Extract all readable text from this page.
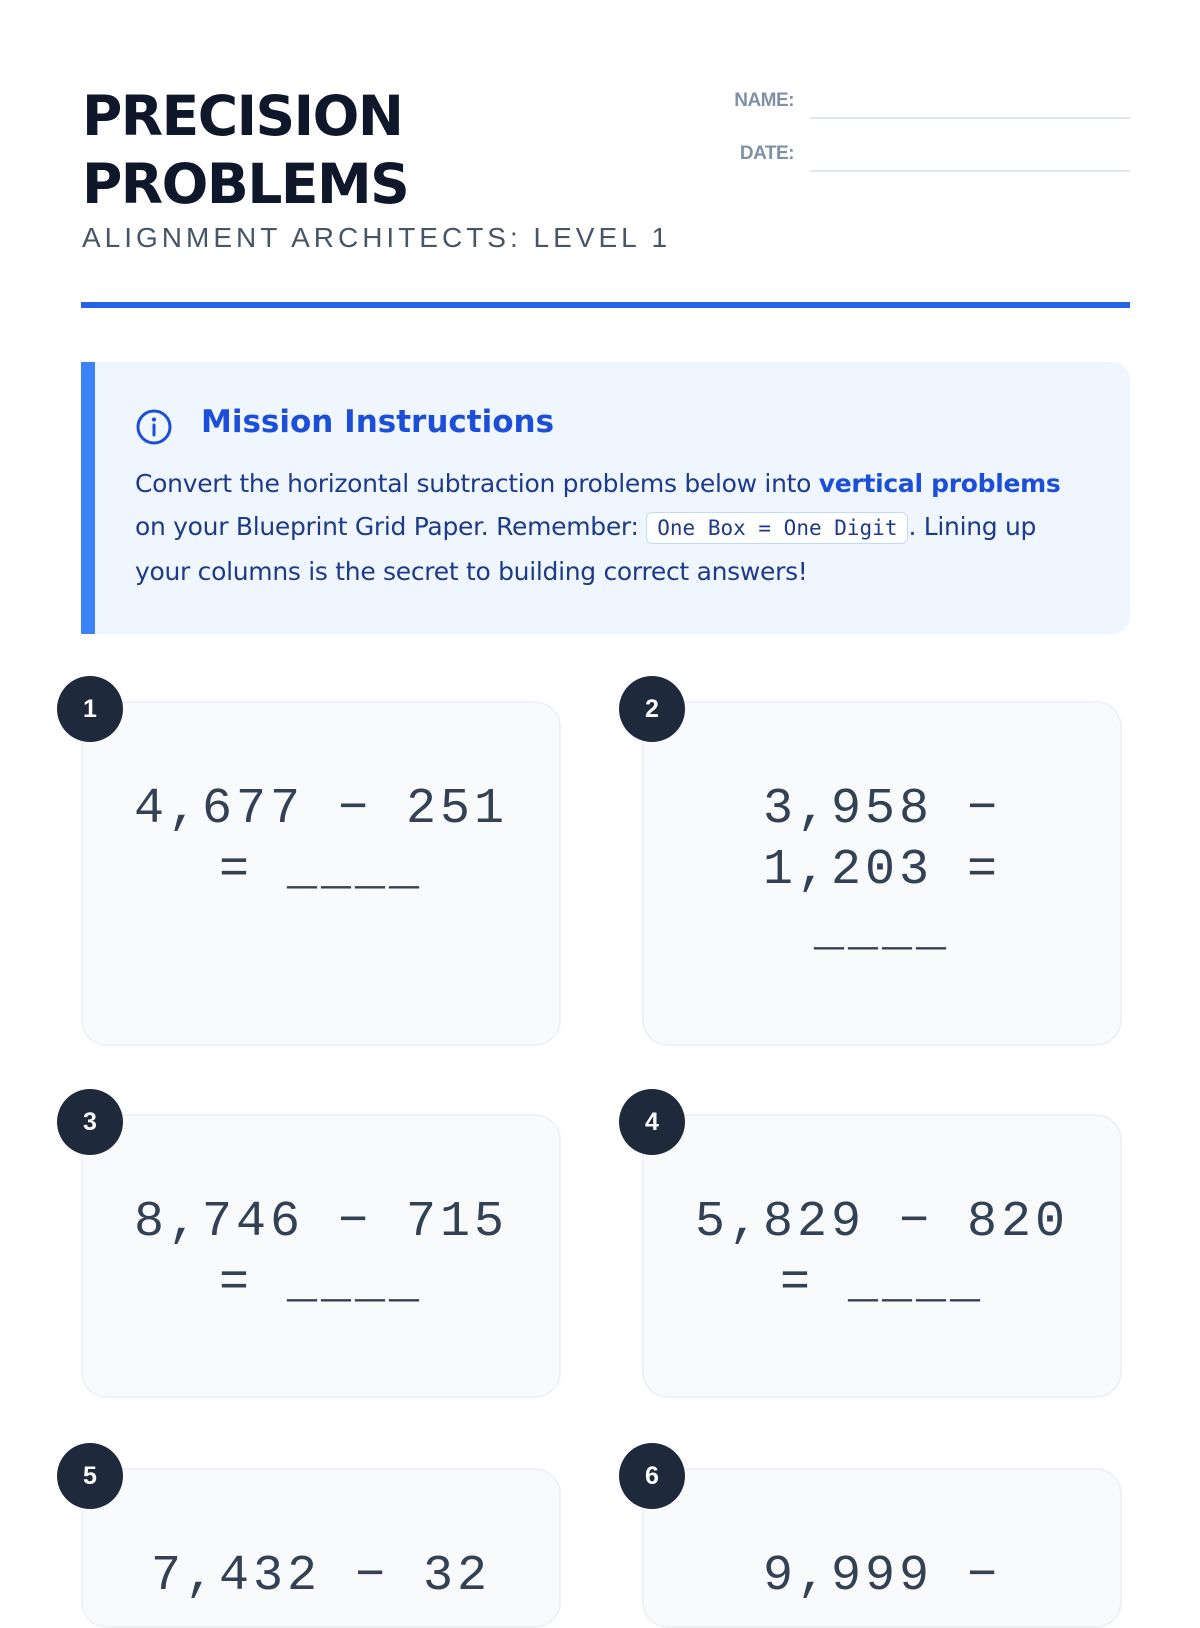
PRECISION PROBLEMS

ALIGNMENT ARCHITECTS: LEVEL 1

NAME:
DATE:
Mission Instructions

Convert the horizontal subtraction problems below into vertical problems on your Blueprint Grid Paper. Remember: One Box = One Digit . Lining up your columns is the secret to building correct answers!

4,677 − 251 = ____

1

3,958 − 1,203 = ____

2

8,746 − 715 = ____

3

5,829 − 820 = ____

4

7,432 − 32

5

9,999 −

6
